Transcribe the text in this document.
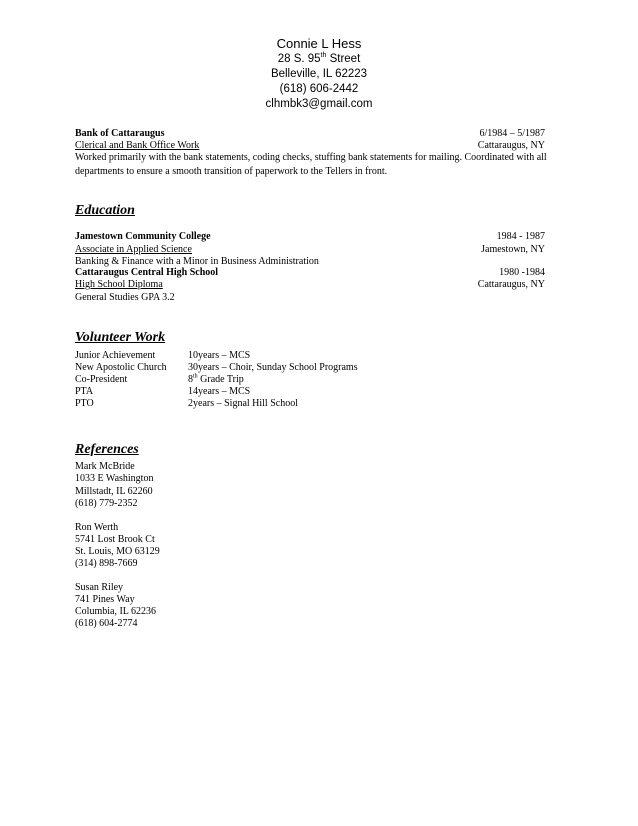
Connie L Hess
28 S. 95th Street
Belleville, IL 62223
(618) 606-2442
clhmbk3@gmail.com
Bank of Cattaraugus	6/1984 – 5/1987
Clerical and Bank Office Work	Cattaraugus, NY
Worked primarily with the bank statements, coding checks, stuffing bank statements for mailing. Coordinated with all departments to ensure a smooth transition of paperwork to the Tellers in front.
Education
Jamestown Community College	1984 - 1987
Associate in Applied Science	Jamestown, NY
Banking & Finance with a Minor in Business Administration
Cattaraugus Central High School	1980 -1984
High School Diploma	Cattaraugus, NY
General Studies GPA 3.2
Volunteer Work
Junior Achievement	10years – MCS
New Apostolic Church 30years – Choir, Sunday School Programs
Co-President	8th Grade Trip
PTA	14years – MCS
PTO	2years – Signal Hill School
References
Mark McBride
1033 E Washington
Millstadt, IL 62260
(618) 779-2352
Ron Werth
5741 Lost Brook Ct
St. Louis, MO 63129
(314) 898-7669
Susan Riley
741 Pines Way
Columbia, IL 62236
(618) 604-2774
